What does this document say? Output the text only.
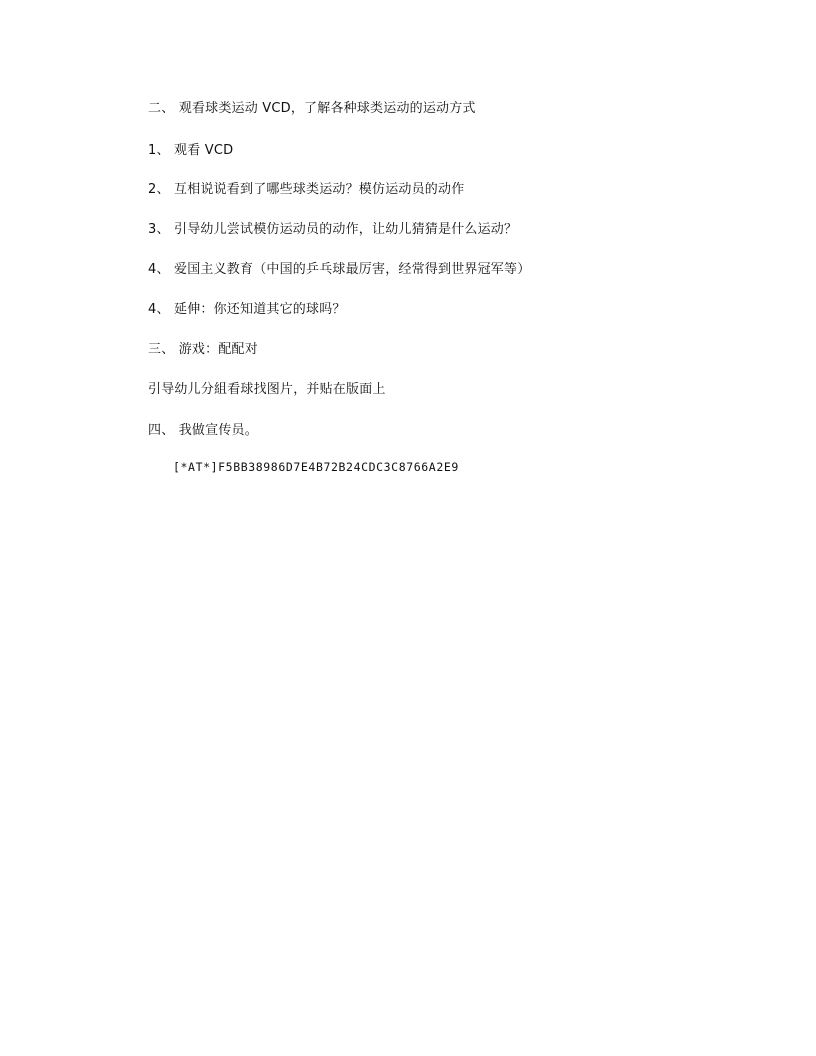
二、 观看球类运动 VCD，了解各种球类运动的运动方式
1、 观看 VCD
2、 互相说说看到了哪些球类运动？模仿运动员的动作
3、 引导幼儿尝试模仿运动员的动作，让幼儿猜猜是什么运动？
4、 爱国主义教育（中国的乒乓球最厉害，经常得到世界冠军等）
4、 延伸：你还知道其它的球吗？
三、 游戏：配配对
引导幼儿分組看球找图片，并贴在版面上
四、 我做宣传员。
[*AT*]F5BB38986D7E4B72B24CDC3C8766A2E9
